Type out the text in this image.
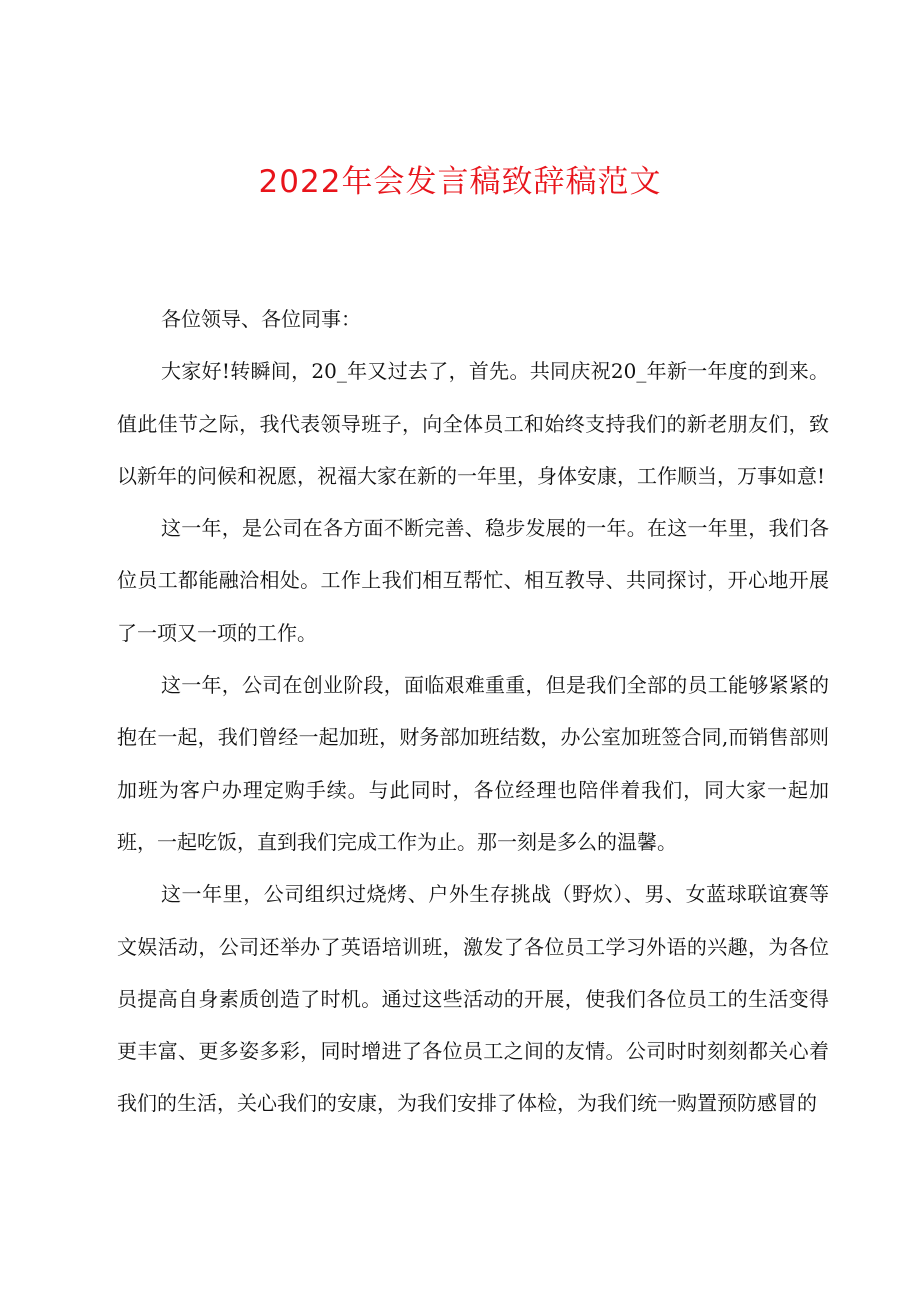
2022年会发言稿致辞稿范文

各位领导、各位同事：

大家好!转瞬间，20_年又过去了，首先。共同庆祝20_年新一年度的到来。值此佳节之际，我代表领导班子，向全体员工和始终支持我们的新老朋友们，致以新年的问候和祝愿，祝福大家在新的一年里，身体安康，工作顺当，万事如意!

这一年，是公司在各方面不断完善、稳步发展的一年。在这一年里，我们各位员工都能融洽相处。工作上我们相互帮忙、相互教导、共同探讨，开心地开展了一项又一项的工作。

这一年，公司在创业阶段，面临艰难重重，但是我们全部的员工能够紧紧的抱在一起，我们曾经一起加班，财务部加班结数，办公室加班签合同,而销售部则加班为客户办理定购手续。与此同时，各位经理也陪伴着我们，同大家一起加班，一起吃饭，直到我们完成工作为止。那一刻是多么的温馨。

这一年里，公司组织过烧烤、户外生存挑战（野炊）、男、女蓝球联谊赛等文娱活动，公司还举办了英语培训班，激发了各位员工学习外语的兴趣，为各位员提高自身素质创造了时机。通过这些活动的开展，使我们各位员工的生活变得更丰富、更多姿多彩，同时增进了各位员工之间的友情。公司时时刻刻都关心着我们的生活，关心我们的安康，为我们安排了体检，为我们统一购置预防感冒的
